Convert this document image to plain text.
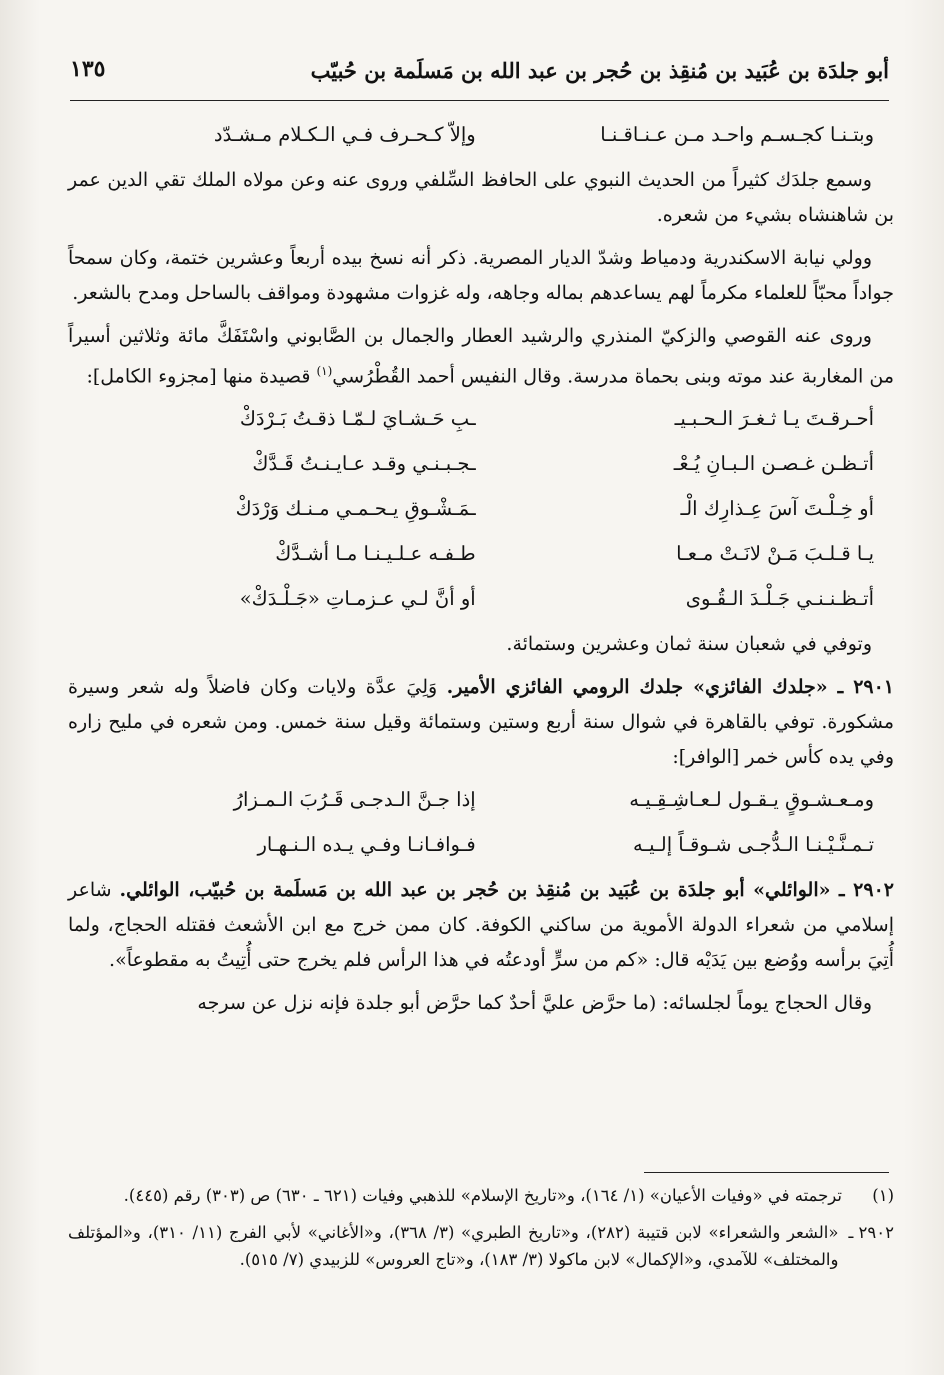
أبو جلدَة بن عُبَيد بن مُنقِذ بن حُجر بن عبد الله بن مَسلَمة بن حُبيّب
١٣٥
وبتـنـا كجـسـم واحـد مـن عـنـاقـنـا
وإلاّ كـحـرف فـي الـكـلام مـشـدّد

وسمع جلدَك كثيراً من الحديث النبوي على الحافظ السِّلفي وروى عنه وعن مولاه الملك تقي الدين عمر بن شاهنشاه بشيء من شعره.

وولي نيابة الاسكندرية ودمياط وشدّ الديار المصرية. ذكر أنه نسخ بيده أربعاً وعشرين ختمة، وكان سمحاً جواداً محبّاً للعلماء مكرماً لهم يساعدهم بماله وجاهه، وله غزوات مشهودة ومواقف بالساحل ومدح بالشعر.

وروى عنه القوصي والزكيّ المنذري والرشيد العطار والجمال بن الصَّابوني واسْتَفَكَّ مائة وثلاثين أسيراً من المغاربة عند موته وبنى بحماة مدرسة. وقال النفيس أحمد القُطْرُسي$^{(١)}$ قصيدة منها [مجزوء الكامل]:

أحـرقـتَ يـا ثـغـرَ الـحـبـيـ
ـبِ حَـشـايَ لـمّـا ذقـتُ بَـرْدَكْ
أتـظـن غـصـن الـبـانِ يُـعْـ
ـجـبـنـي وقـد عـايـنـتُ قَـدَّكْ
أو خِـلْـتَ آسَ عِـذارِك الْـ
ـمَـشْـوقِ يـحـمـي مـنـك وَرْدَكْ
يـا قـلـبَ مَـنْ لانَـتْ مـعـا
طـفـه عـلـيـنـا مـا أشـدَّكْ
أتـظـنـنـي جَـلْـدَ الـقُـوى
أو أنَّ لـي عـزمـاتِ «جَـلْـدَكْ»

وتوفي في شعبان سنة ثمان وعشرين وستمائة.

٢٩٠١ ـ «جلدك الفائزي» جلدك الرومي الفائزي الأمير. وَلِيَ عدَّة ولايات وكان فاضلاً وله شعر وسيرة مشكورة. توفي بالقاهرة في شوال سنة أربع وستين وستمائة وقيل سنة خمس. ومن شعره في مليح زاره وفي يده كأس خمر [الوافر]:

ومـعـشـوقٍ يـقـول لـعـاشِـقِـيـه
إذا جـنَّ الـدجـى قَـرُبَ الـمـزارُ
تـمـنَّـيْـنـا الـدُّجـى شـوقـاً إلـيـه
فـوافـانـا وفـي يـده الـنـهـار

٢٩٠٢ ـ «الوائلي» أبو جلدَة بن عُبَيد بن مُنقِذ بن حُجر بن عبد الله بن مَسلَمة بن حُبيّب، الوائلي. شاعر إسلامي من شعراء الدولة الأموية من ساكني الكوفة. كان ممن خرج مع ابن الأشعث فقتله الحجاج، ولما أُتِيَ برأسه ووُضع بين يَدَيْه قال: «كم من سرٍّ أودعتُه في هذا الرأس فلم يخرج حتى أُتِيتُ به مقطوعاً».

وقال الحجاج يوماً لجلسائه: (ما حرَّض عليَّ أحدٌ كما حرَّض أبو جلدة فإنه نزل عن سرجه

(١)
ترجمته في «وفيات الأعيان» (١/ ١٦٤)، و«تاريخ الإسلام» للذهبي وفيات (٦٢١ ـ ٦٣٠) ص (٣٠٣) رقم (٤٤٥).
٢٩٠٢ ـ
«الشعر والشعراء» لابن قتيبة (٢٨٢)، و«تاريخ الطبري» (٣/ ٣٦٨)، و«الأغاني» لأبي الفرج (١١/ ٣١٠)، و«المؤتلف والمختلف» للآمدي، و«الإكمال» لابن ماكولا (٣/ ١٨٣)، و«تاج العروس» للزبيدي (٧/ ٥١٥).
